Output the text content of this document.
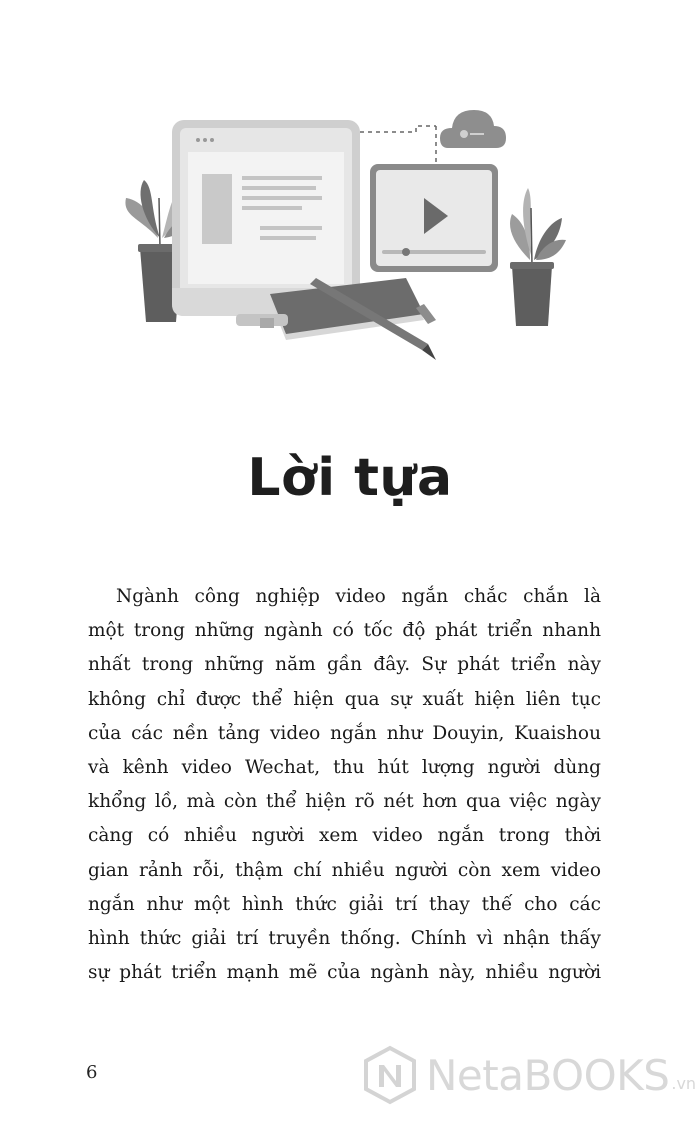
Lời tựa
Ngành công nghiệp video ngắn chắc chắn là
một trong những ngành có tốc độ phát triển nhanh
nhất trong những năm gần đây. Sự phát triển này
không chỉ được thể hiện qua sự xuất hiện liên tục
của các nền tảng video ngắn như Douyin, Kuaishou
và kênh video Wechat, thu hút lượng người dùng
khổng lồ, mà còn thể hiện rõ nét hơn qua việc ngày
càng có nhiều người xem video ngắn trong thời
gian rảnh rỗi, thậm chí nhiều người còn xem video
ngắn như một hình thức giải trí thay thế cho các
hình thức giải trí truyền thống. Chính vì nhận thấy
sự phát triển mạnh mẽ của ngành này, nhiều người
6	NetaBOOKS .vn
